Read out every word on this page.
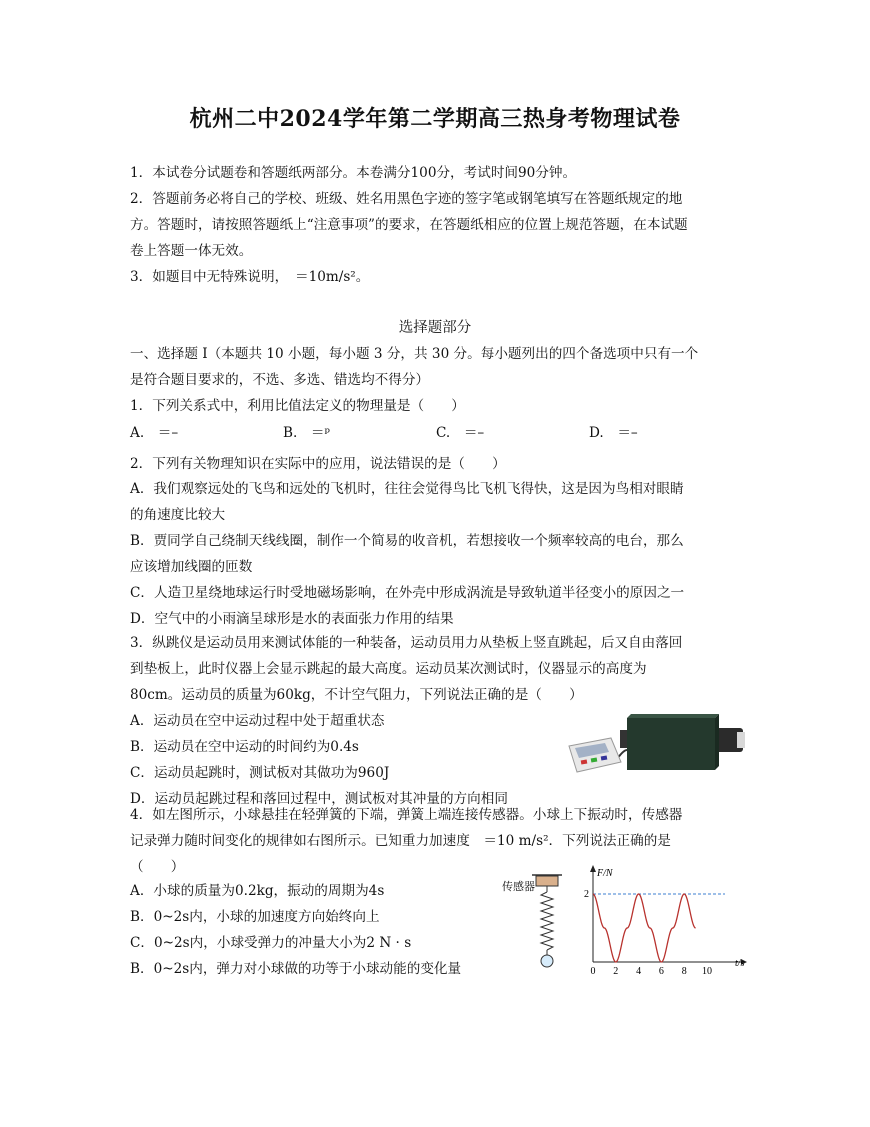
杭州二中2024学年第二学期高三热身考物理试卷
1．本试卷分试题卷和答题纸两部分。本卷满分100分，考试时间90分钟。
2．答题前务必将自己的学校、班级、姓名用黑色字迹的签字笔或钢笔填写在答题纸规定的地
方。答题时，请按照答题纸上“注意事项”的要求，在答题纸相应的位置上规范答题，在本试题
卷上答题一体无效。
3．如题目中无特殊说明，　＝10m/s²。
选择题部分
一、选择题 I（本题共 10 小题，每小题 3 分，共 30 分。每小题列出的四个备选项中只有一个
是符合题目要求的，不选、多选、错选均不得分）
1．下列关系式中，利用比值法定义的物理量是（　　）
A.　＝–	B.　＝ᵖ	C.　＝–	D.　＝–
2．下列有关物理知识在实际中的应用，说法错误的是（　　）
A．我们观察远处的飞鸟和远处的飞机时，往往会觉得鸟比飞机飞得快，这是因为鸟相对眼睛
的角速度比较大
B．贾同学自己绕制天线线圈，制作一个简易的收音机，若想接收一个频率较高的电台，那么
应该增加线圈的匝数
C．人造卫星绕地球运行时受地磁场影响，在外壳中形成涡流是导致轨道半径变小的原因之一
D．空气中的小雨滴呈球形是水的表面张力作用的结果
3．纵跳仪是运动员用来测试体能的一种装备，运动员用力从垫板上竖直跳起，后又自由落回
到垫板上，此时仪器上会显示跳起的最大高度。运动员某次测试时，仪器显示的高度为
80cm。运动员的质量为60kg，不计空气阻力，下列说法正确的是（　　）
A．运动员在空中运动过程中处于超重状态
B．运动员在空中运动的时间约为0.4s
C．运动员起跳时，测试板对其做功为960J
D．运动员起跳过程和落回过程中，测试板对其冲量的方向相同
4．如左图所示，小球悬挂在轻弹簧的下端，弹簧上端连接传感器。小球上下振动时，传感器
记录弹力随时间变化的规律如右图所示。已知重力加速度　＝10 m/s²．下列说法正确的是
（　　）
A．小球的质量为0.2kg，振动的周期为4s
B．0~2s内，小球的加速度方向始终向上
C．0~2s内，小球受弹力的冲量大小为2 N · s
B．0~2s内，弹力对小球做的功等于小球动能的变化量
传感器
0 2 4 6 8 10
2
F/N
t/s
